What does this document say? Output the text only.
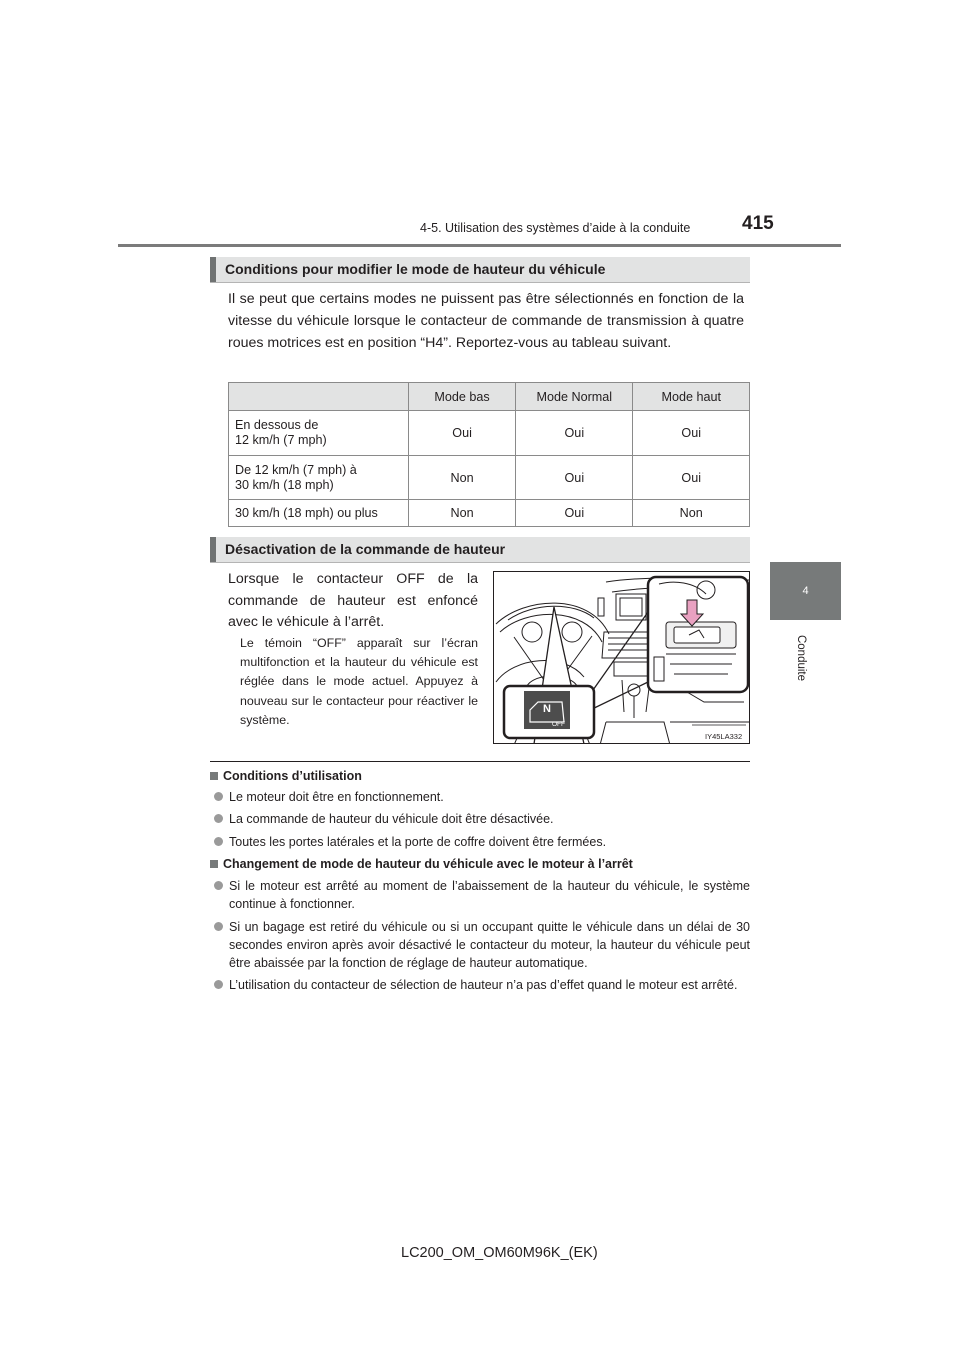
4-5. Utilisation des systèmes d’aide à la conduite	415
4
Conduite
Conditions pour modifier le mode de hauteur du véhicule
Il se peut que certains modes ne puissent pas être sélectionnés en fonction de la vitesse du véhicule lorsque le contacteur de commande de transmission à quatre roues motrices est en position “H4”. Reportez-vous au tableau suivant.
	Mode bas	Mode Normal	Mode haut
En dessous de
12 km/h (7 mph)	Oui	Oui	Oui
De 12 km/h (7 mph) à
30 km/h (18 mph)	Non	Oui	Oui
30 km/h (18 mph) ou plus	Non	Oui	Non
Désactivation de la commande de hauteur
Lorsque le contacteur OFF de la commande de hauteur est enfoncé avec le véhicule à l’arrêt.
Le témoin “OFF” apparaît sur l’écran multifonction et la hauteur du véhicule est réglée dans le mode actuel. Appuyez à nouveau sur le contacteur pour réactiver le système.
N
OFF
IY45LA332
Conditions d’utilisation
Le moteur doit être en fonctionnement.
La commande de hauteur du véhicule doit être désactivée.
Toutes les portes latérales et la porte de coffre doivent être fermées.
Changement de mode de hauteur du véhicule avec le moteur à l’arrêt
Si le moteur est arrêté au moment de l’abaissement de la hauteur du véhicule, le système continue à fonctionner.
Si un bagage est retiré du véhicule ou si un occupant quitte le véhicule dans un délai de 30 secondes environ après avoir désactivé le contacteur du moteur, la hauteur du véhicule peut être abaissée par la fonction de réglage de hauteur automatique.
L’utilisation du contacteur de sélection de hauteur n’a pas d’effet quand le moteur est arrêté.
LC200_OM_OM60M96K_(EK)
